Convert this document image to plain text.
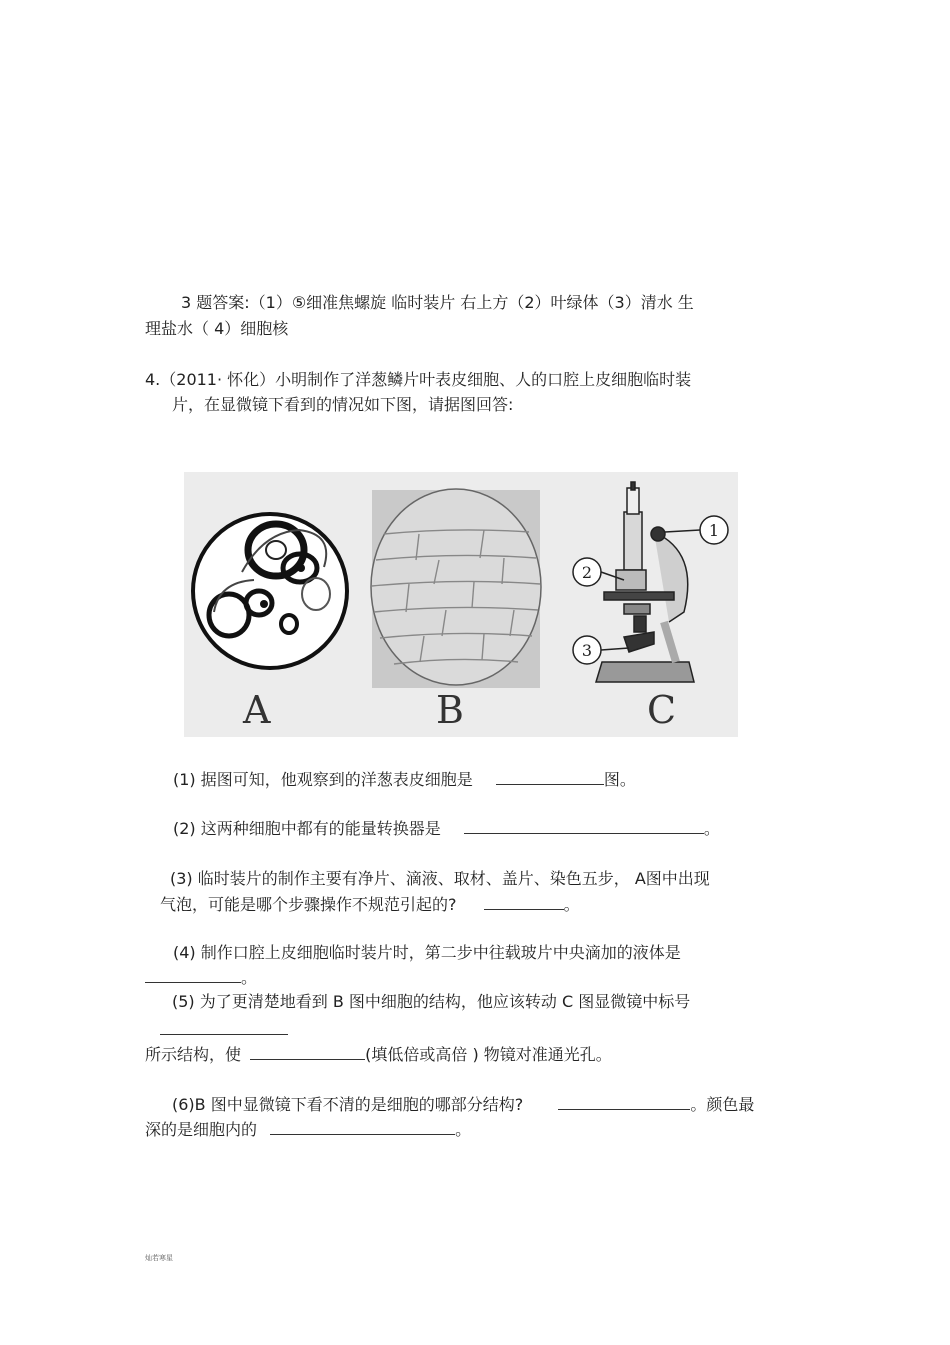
3 题答案:（1）⑤细准焦螺旋 临时装片 右上方（2）叶绿体（3）清水 生
理盐水（ 4）细胞核
4.（2011· 怀化）小明制作了洋葱鳞片叶表皮细胞、人的口腔上皮细胞临时装
片，在显微镜下看到的情况如下图，请据图回答:
1
2
3
A	B	C
(1) 据图可知，他观察到的洋葱表皮细胞是	图。
(2) 这两种细胞中都有的能量转换器是	。
(3) 临时装片的制作主要有净片、滴液、取材、盖片、染色五步， A图中出现
气泡，可能是哪个步骤操作不规范引起的?	。
(4) 制作口腔上皮细胞临时装片时，第二步中往载玻片中央滴加的液体是
。
(5) 为了更清楚地看到 B 图中细胞的结构，他应该转动 C 图显微镜中标号
所示结构，使	(填低倍或高倍 ) 物镜对准通光孔。
(6)B 图中显微镜下看不清的是细胞的哪部分结构?	。颜色最
深的是细胞内的	。
灿若寒星
